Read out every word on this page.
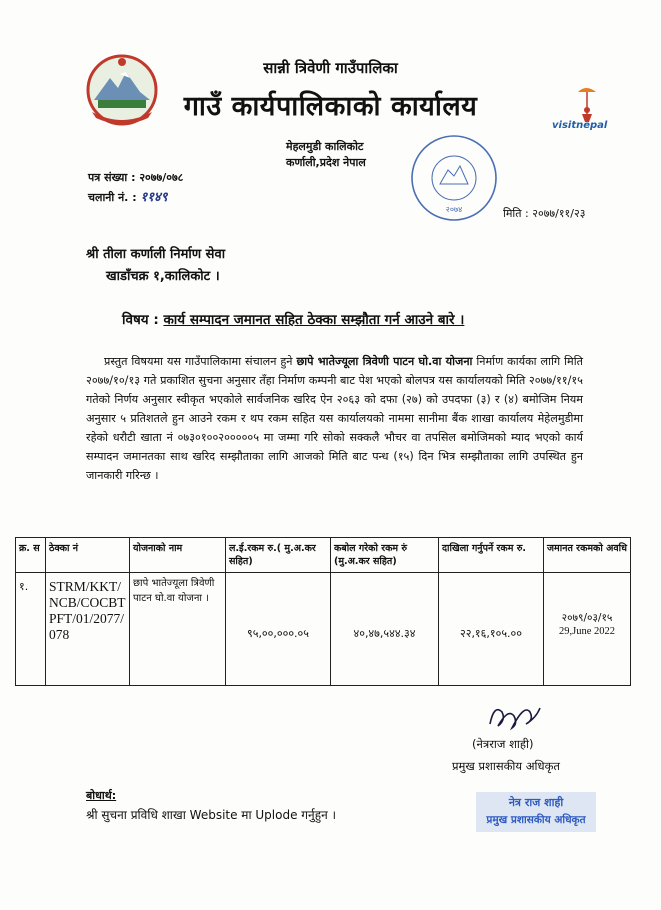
सान्नी त्रिवेणी गाउँपालिका
गाउँ कार्यपालिकाको कार्यालय
visitnepal
मेहलमुडी कालिकोट
कर्णाली,प्रदेश नेपाल
२०७४
पत्र संख्या : २०७७/०७८
चलानी नं. : ११४९
मिति : २०७७/११/२३
श्री तीला कर्णाली निर्माण सेवा
खाडाँचक्र १,कालिकोट ।
विषय : कार्य सम्पादन जमानत सहित ठेक्का सम्झौता गर्न आउने बारे ।
प्रस्तुत विषयमा यस गाउँपालिकामा संचालन हुने छापे भातेज्यूला त्रिवेणी पाटन घो.वा योजना निर्माण कार्यका लागि मिति २०७७/१०/१३ गते प्रकाशित सुचना अनुसार तँहा निर्माण कम्पनी बाट पेश भएको बोलपत्र यस कार्यालयको मिति २०७७/११/१५ गतेको निर्णय अनुसार स्वीकृत भएकोले सार्वजनिक खरिद ऐन २०६३ को दफा (२७) को उपदफा (३) र (४) बमोजिम नियम अनुसार ५ प्रतिशतले हुन आउने रकम र थप रकम सहित यस कार्यालयको नाममा सानीमा बैंक शाखा कार्यालय मेहेलमुडीमा रहेको धरौटी खाता नं ०७३०१००२०००००५ मा जम्मा गरि सोको सक्कलै भौचर वा तपसिल बमोजिमको म्याद भएको कार्य सम्पादन जमानतका साथ खरिद सम्झौताका लागि आजको मिति बाट पन्ध (१५) दिन भित्र सम्झौताका लागि उपस्थित हुन जानकारी गरिन्छ ।
क्र. स	ठेक्का नं	योजनाको नाम	ल.ई.रकम रु.( मु.अ.कर सहित)	कबोल गरेको रकम रुं (मु.अ.कर सहित)	दाखिला गर्नुपर्ने रकम रु.	जमानत रकमको अवधि

१.	STRM/KKT/NCB/COCBTPFT/01/2077/078	छापे भातेज्यूला त्रिवेणी पाटन घो.वा योजना ।	९५,००,०००.०५	४०,४७,५४४.३४	२२,१६,१०५.००	२०७९/०३/१५
29,June 2022
(नेत्रराज शाही)
प्रमुख प्रशासकीय अधिकृत
नेत्र राज शाही
प्रमुख प्रशासकीय अधिकृत
बोधार्थ:
श्री सुचना प्रविधि शाखा Website मा Uplode गर्नुहुन ।
